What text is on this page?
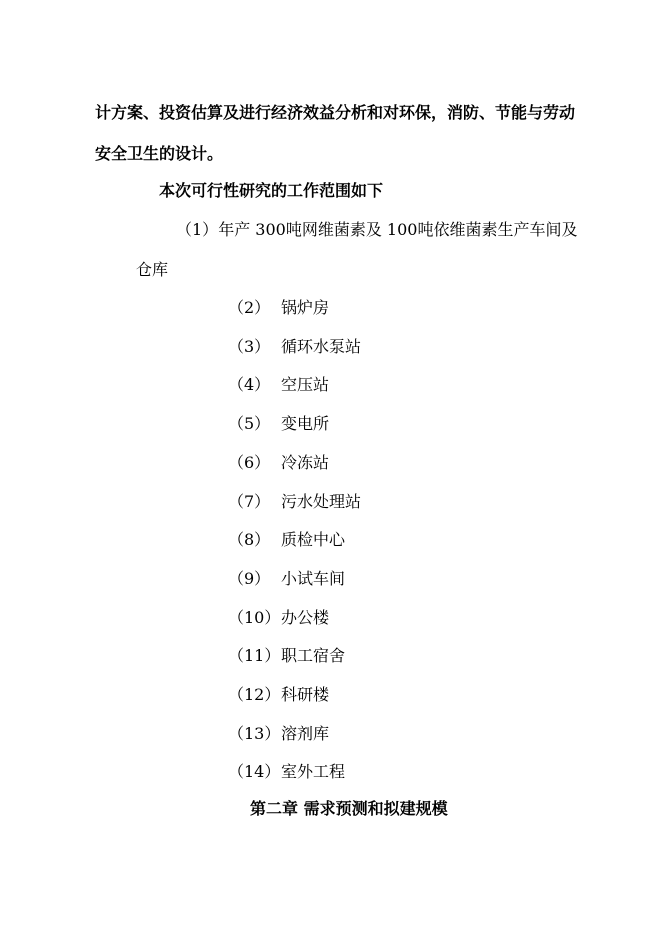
计方案、投资估算及进行经济效益分析和对环保，消防、节能与劳动
安全卫生的设计。
本次可行性研究的工作范围如下
（1）年产 300吨网维菌素及 100吨依维菌素生产车间及
仓库
（2） 锅炉房
（3） 循环水泵站
（4） 空压站
（5） 变电所
（6） 冷冻站
（7） 污水处理站
（8） 质检中心
（9） 小试车间
（10） 办公楼
（11） 职工宿舍
（12） 科研楼
（13） 溶剂库
（14） 室外工程
第二章 需求预测和拟建规模
